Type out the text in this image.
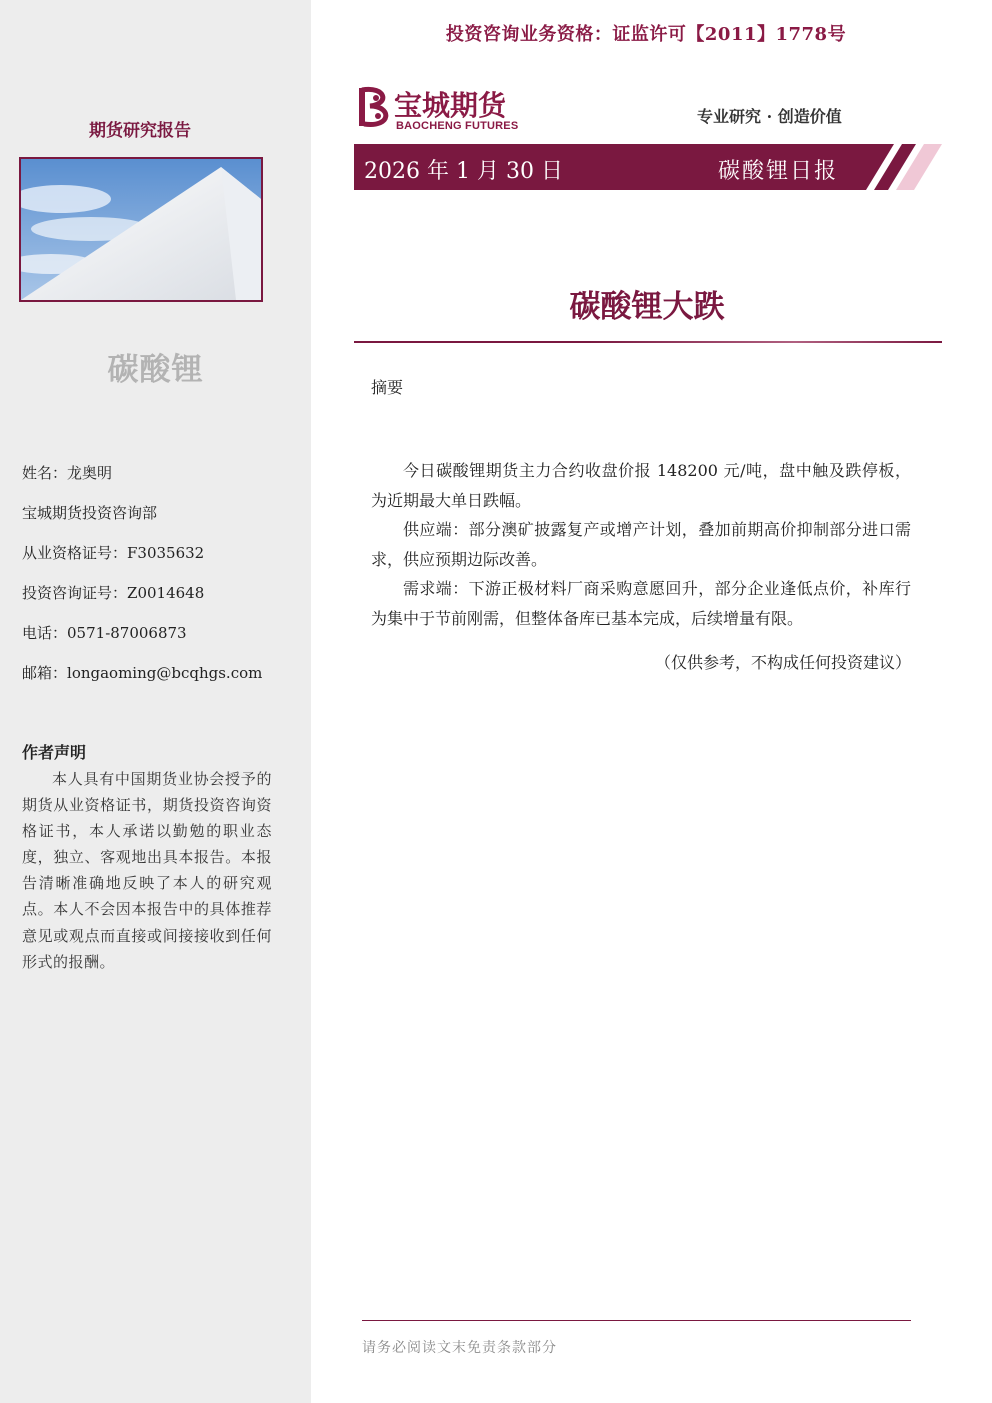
期货研究报告
碳酸锂
姓名：龙奥明
宝城期货投资咨询部
从业资格证号：F3035632
投资咨询证号：Z0014648
电话：0571-87006873
邮箱：longaoming@bcqhgs.com
作者声明
本人具有中国期货业协会授予的期货从业资格证书，期货投资咨询资格证书，本人承诺以勤勉的职业态度，独立、客观地出具本报告。本报告清晰准确地反映了本人的研究观点。本人不会因本报告中的具体推荐意见或观点而直接或间接接收到任何形式的报酬。
投资咨询业务资格：证监许可【2011】1778号
宝城期货
BAOCHENG FUTURES	专业研究 · 创造价值
2026 年 1 月 30 日	碳酸锂日报
碳酸锂大跌
摘要
今日碳酸锂期货主力合约收盘价报 148200 元/吨，盘中触及跌停板，为近期最大单日跌幅。
供应端：部分澳矿披露复产或增产计划，叠加前期高价抑制部分进口需求，供应预期边际改善。
需求端：下游正极材料厂商采购意愿回升，部分企业逢低点价，补库行为集中于节前刚需，但整体备库已基本完成，后续增量有限。
（仅供参考，不构成任何投资建议）
请务必阅读文末免责条款部分
